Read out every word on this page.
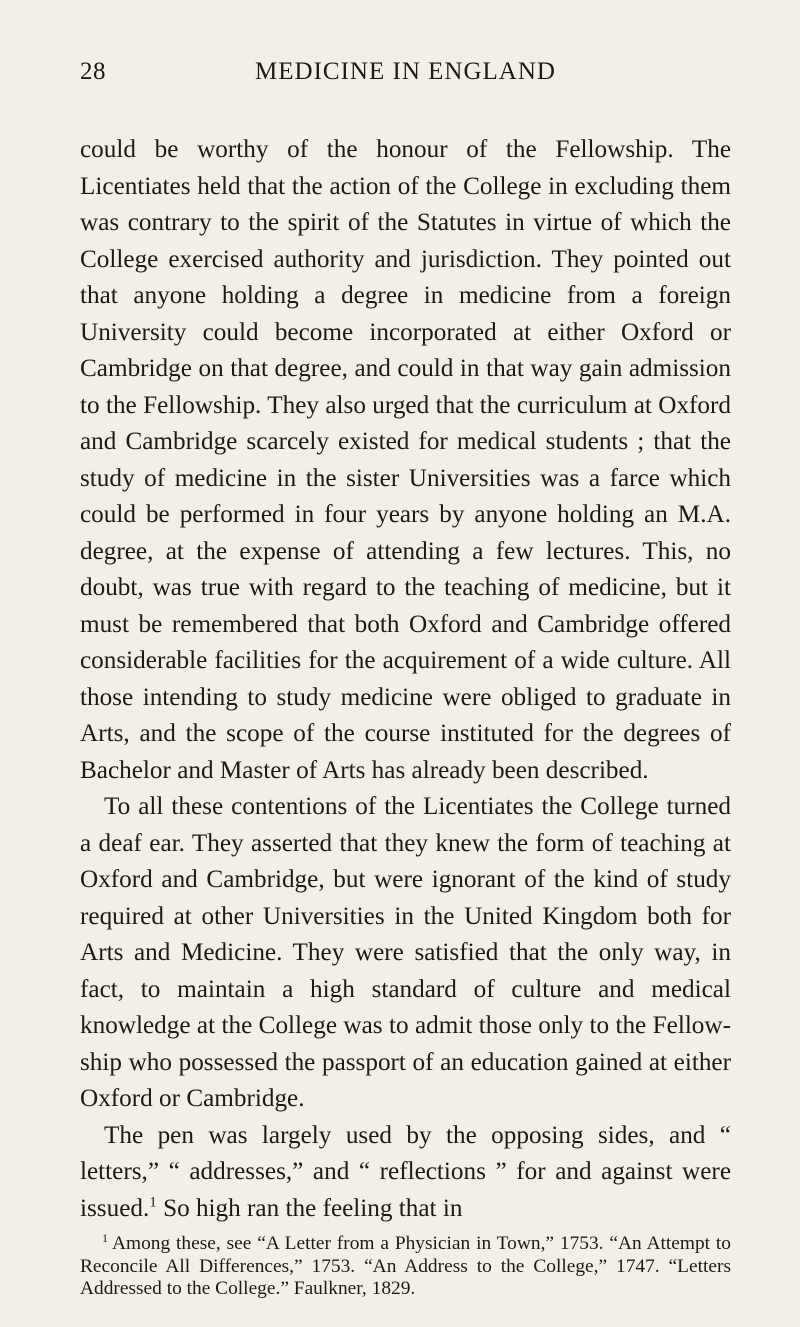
28	MEDICINE IN ENGLAND

could be worthy of the honour of the Fellowship. The Licentiates held that the action of the College in excluding them was contrary to the spirit of the Statutes in virtue of which the College exercised authority and jurisdiction. They pointed out that anyone holding a degree in medicine from a foreign University could become incorporated at either Oxford or Cambridge on that degree, and could in that way gain admission to the Fellowship. They also urged that the curriculum at Oxford and Cambridge scarcely existed for medical students ; that the study of medicine in the sister Universities was a farce which could be performed in four years by anyone holding an M.A. degree, at the expense of attending a few lectures. This, no doubt, was true with regard to the teaching of medicine, but it must be remembered that both Oxford and Cambridge offered considerable facilities for the acquirement of a wide culture. All those intending to study medicine were obliged to graduate in Arts, and the scope of the course instituted for the degrees of Bachelor and Master of Arts has already been described.

To all these contentions of the Licentiates the College turned a deaf ear. They asserted that they knew the form of teaching at Oxford and Cambridge, but were ignorant of the kind of study required at other Universities in the United Kingdom both for Arts and Medicine. They were satisfied that the only way, in fact, to maintain a high standard of culture and medical knowledge at the College was to admit those only to the Fellowship who possessed the passport of an education gained at either Oxford or Cambridge.

The pen was largely used by the opposing sides, and “ letters,” “ addresses,” and “ reflections ” for and against were issued.$^1$ So high ran the feeling that in

$^1$ Among these, see “A Letter from a Physician in Town,” 1753. “An Attempt to Reconcile All Differences,” 1753. “An Address to the College,” 1747. “Letters Addressed to the College.” Faulkner, 1829.
